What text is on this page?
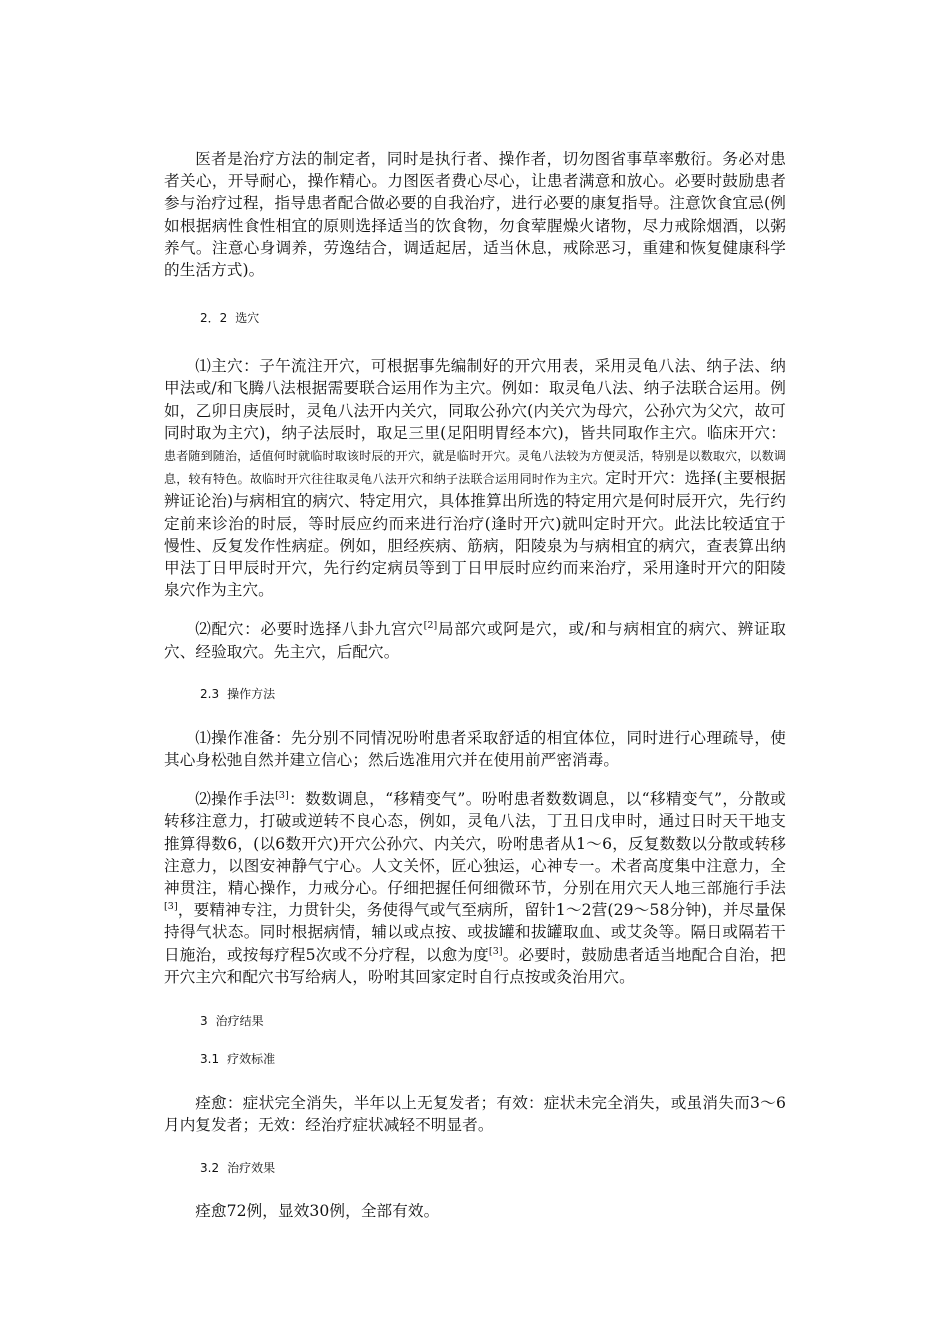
医者是治疗方法的制定者，同时是执行者、操作者，切勿图省事草率敷衍。务必对患者关心，开导耐心，操作精心。力图医者费心尽心，让患者满意和放心。必要时鼓励患者参与治疗过程，指导患者配合做必要的自我治疗，进行必要的康复指导。注意饮食宜忌(例如根据病性食性相宜的原则选择适当的饮食物，勿食荤腥燥火诸物，尽力戒除烟酒，以粥养气。注意心身调养，劳逸结合，调适起居，适当休息，戒除恶习，重建和恢复健康科学的生活方式)。

2．2 选穴

⑴主穴：子午流注开穴，可根据事先编制好的开穴用表，采用灵龟八法、纳子法、纳甲法或/和飞腾八法根据需要联合运用作为主穴。例如：取灵龟八法、纳子法联合运用。例如，乙卯日庚辰时，灵龟八法开内关穴，同取公孙穴(内关穴为母穴，公孙穴为父穴，故可同时取为主穴)，纳子法辰时，取足三里(足阳明胃经本穴)，皆共同取作主穴。临床开穴：患者随到随治，适值何时就临时取该时辰的开穴，就是临时开穴。灵龟八法较为方便灵活，特别是以数取穴，以数调息，较有特色。故临时开穴往往取灵龟八法开穴和纳子法联合运用同时作为主穴。定时开穴：选择(主要根据辨证论治)与病相宜的病穴、特定用穴，具体推算出所选的特定用穴是何时辰开穴，先行约定前来诊治的时辰，等时辰应约而来进行治疗(逢时开穴)就叫定时开穴。此法比较适宜于慢性、反复发作性病症。例如，胆经疾病、筋病，阳陵泉为与病相宜的病穴，查表算出纳甲法丁日甲辰时开穴，先行约定病员等到丁日甲辰时应约而来治疗，采用逢时开穴的阳陵泉穴作为主穴。

⑵配穴：必要时选择八卦九宫穴[2]局部穴或阿是穴，或/和与病相宜的病穴、辨证取穴、经验取穴。先主穴，后配穴。

2.3 操作方法

⑴操作准备：先分别不同情况吩咐患者采取舒适的相宜体位，同时进行心理疏导，使其心身松弛自然并建立信心；然后选准用穴并在使用前严密消毒。

⑵操作手法[3]：数数调息，“移精变气”。吩咐患者数数调息，以“移精变气”，分散或转移注意力，打破或逆转不良心态，例如，灵龟八法，丁丑日戊申时，通过日时天干地支推算得数6，(以6数开穴)开穴公孙穴、内关穴，吩咐患者从1～6，反复数数以分散或转移注意力，以图安神静气宁心。人文关怀，匠心独运，心神专一。术者高度集中注意力，全神贯注，精心操作，力戒分心。仔细把握任何细微环节，分别在用穴天人地三部施行手法[3]，要精神专注，力贯针尖，务使得气或气至病所，留针1～2营(29～58分钟)，并尽量保持得气状态。同时根据病情，辅以或点按、或拔罐和拔罐取血、或艾灸等。隔日或隔若干日施治，或按每疗程5次或不分疗程，以愈为度[3]。必要时，鼓励患者适当地配合自治，把开穴主穴和配穴书写给病人，吩咐其回家定时自行点按或灸治用穴。

3 治疗结果

3.1 疗效标准

痊愈：症状完全消失，半年以上无复发者；有效：症状未完全消失，或虽消失而3～6月内复发者；无效：经治疗症状减轻不明显者。

3.2 治疗效果

痊愈72例，显效30例，全部有效。
